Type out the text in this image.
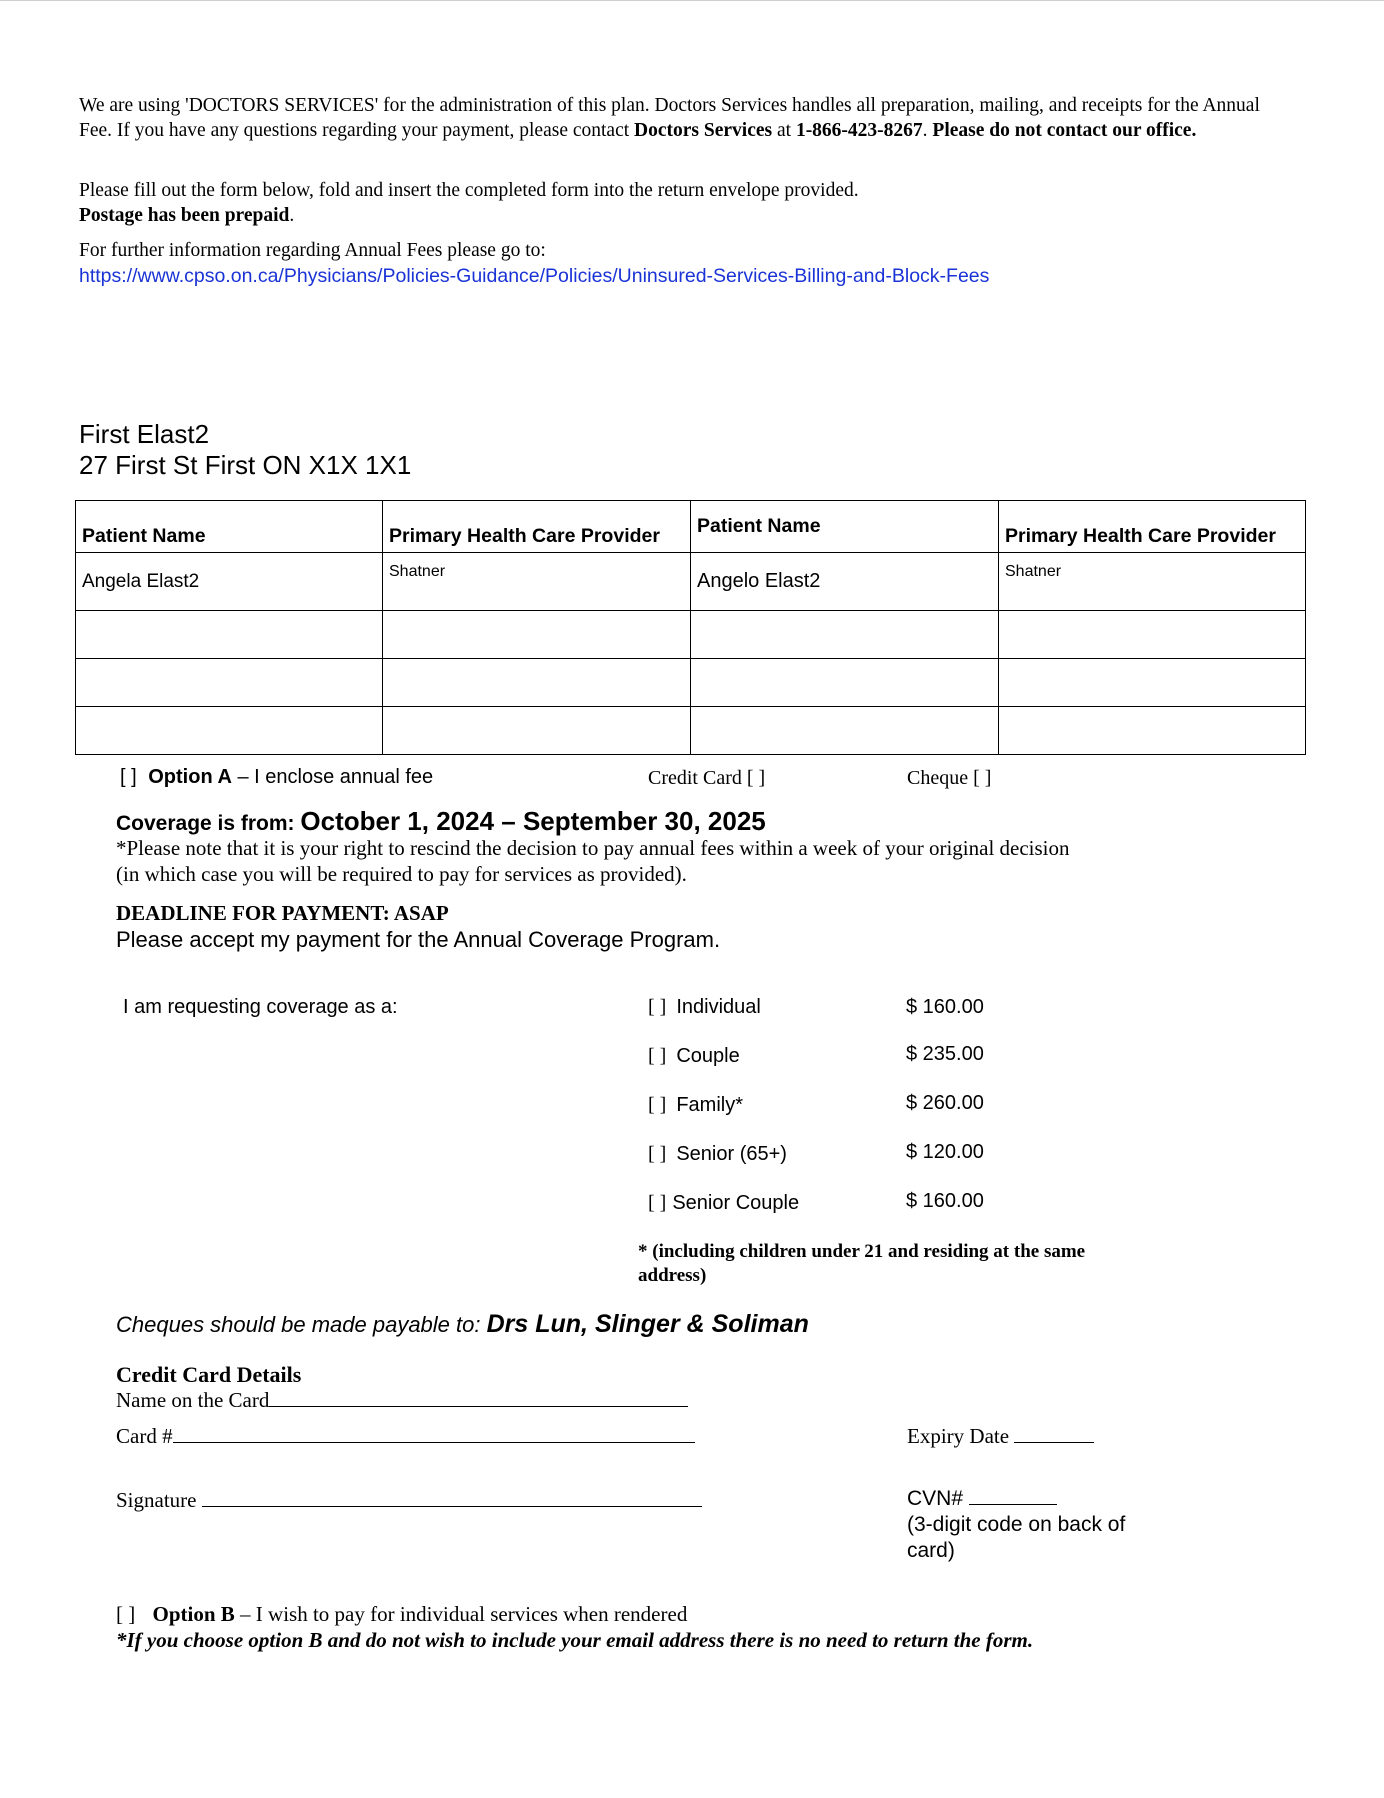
We are using 'DOCTORS SERVICES' for the administration of this plan. Doctors Services handles all preparation, mailing, and receipts for the Annual Fee. If you have any questions regarding your payment, please contact Doctors Services at 1-866-423-8267. Please do not contact our office.

Please fill out the form below, fold and insert the completed form into the return envelope provided.
Postage has been prepaid.

For further information regarding Annual Fees please go to:
https://www.cpso.on.ca/Physicians/Policies-Guidance/Policies/Uninsured-Services-Billing-and-Block-Fees

First Elast2
27 First St First ON X1X 1X1
Patient Name	Primary Health Care Provider	Patient Name	Primary Health Care Provider
Angela Elast2	Shatner	Angelo Elast2	Shatner

[ ] Option A – I enclose annual fee	Credit Card [ ]	Cheque [ ]
Coverage is from: October 1, 2024 – September 30, 2025
*Please note that it is your right to rescind the decision to pay annual fees within a week of your original decision
(in which case you will be required to pay for services as provided).
DEADLINE FOR PAYMENT: ASAP
Please accept my payment for the Annual Coverage Program.
I am requesting coverage as a:	[ ] Individual	$ 160.00
[ ] Couple	$ 235.00
[ ] Family*	$ 260.00
[ ] Senior (65+)	$ 120.00
[ ] Senior Couple	$ 160.00
* (including children under 21 and residing at the same
address)
Cheques should be made payable to: Drs Lun, Slinger & Soliman
Credit Card Details
Name on the Card
Card #	Expiry Date
Signature	CVN#
(3-digit code on back of
card)
[ ] Option B – I wish to pay for individual services when rendered
*If you choose option B and do not wish to include your email address there is no need to return the form.
